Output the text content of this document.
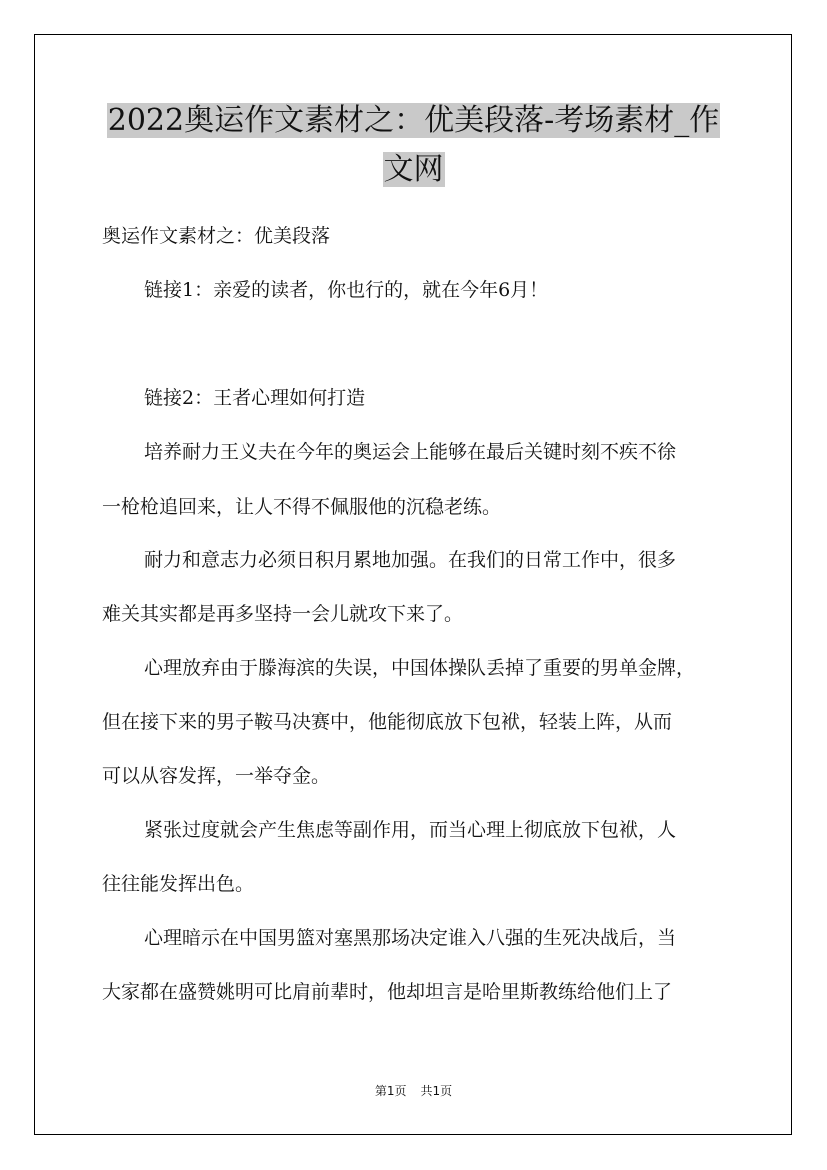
2022奥运作文素材之：优美段落-考场素材_作
文网
奥运作文素材之：优美段落
链接1：亲爱的读者，你也行的，就在今年6月！
链接2：王者心理如何打造
培养耐力王义夫在今年的奥运会上能够在最后关键时刻不疾不徐
一枪枪追回来，让人不得不佩服他的沉稳老练。
耐力和意志力必须日积月累地加强。在我们的日常工作中，很多
难关其实都是再多坚持一会儿就攻下来了。
心理放弃由于滕海滨的失误，中国体操队丢掉了重要的男单金牌，
但在接下来的男子鞍马决赛中，他能彻底放下包袱，轻装上阵，从而
可以从容发挥，一举夺金。
紧张过度就会产生焦虑等副作用，而当心理上彻底放下包袱，人
往往能发挥出色。
心理暗示在中国男篮对塞黑那场决定谁入八强的生死决战后，当
大家都在盛赞姚明可比肩前辈时，他却坦言是哈里斯教练给他们上了
第1页 共1页
